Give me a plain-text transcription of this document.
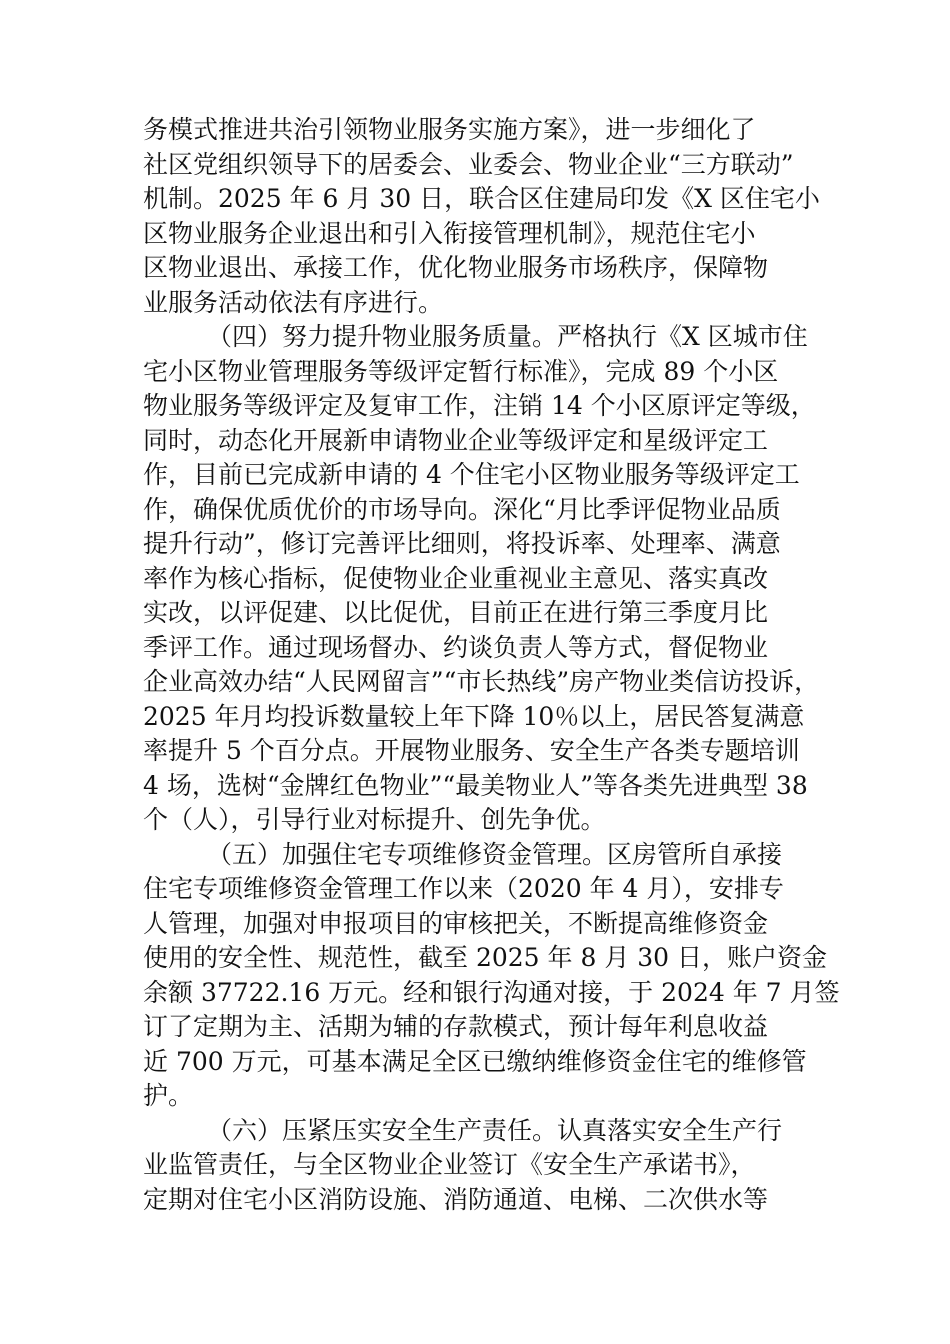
务模式推进共治引领物业服务实施方案》，进一步细化了
社区党组织领导下的居委会、业委会、物业企业“三方联动”
机制。2025 年 6 月 30 日，联合区住建局印发《X 区住宅小
区物业服务企业退出和引入衔接管理机制》，规范住宅小
区物业退出、承接工作，优化物业服务市场秩序，保障物
业服务活动依法有序进行。
（四）努力提升物业服务质量。严格执行《X 区城市住
宅小区物业管理服务等级评定暂行标准》，完成 89 个小区
物业服务等级评定及复审工作，注销 14 个小区原评定等级，
同时，动态化开展新申请物业企业等级评定和星级评定工
作，目前已完成新申请的 4 个住宅小区物业服务等级评定工
作，确保优质优价的市场导向。深化“月比季评促物业品质
提升行动”，修订完善评比细则，将投诉率、处理率、满意
率作为核心指标，促使物业企业重视业主意见、落实真改
实改，以评促建、以比促优，目前正在进行第三季度月比
季评工作。通过现场督办、约谈负责人等方式，督促物业
企业高效办结“人民网留言”“市长热线”房产物业类信访投诉，
2025 年月均投诉数量较上年下降 10％以上，居民答复满意
率提升 5 个百分点。开展物业服务、安全生产各类专题培训
4 场，选树“金牌红色物业”“最美物业人”等各类先进典型 38
个（人），引导行业对标提升、创先争优。
（五）加强住宅专项维修资金管理。区房管所自承接
住宅专项维修资金管理工作以来（2020 年 4 月），安排专
人管理，加强对申报项目的审核把关，不断提高维修资金
使用的安全性、规范性，截至 2025 年 8 月 30 日，账户资金
余额 37722.16 万元。经和银行沟通对接，于 2024 年 7 月签
订了定期为主、活期为辅的存款模式，预计每年利息收益
近 700 万元，可基本满足全区已缴纳维修资金住宅的维修管
护。
（六）压紧压实安全生产责任。认真落实安全生产行
业监管责任，与全区物业企业签订《安全生产承诺书》，
定期对住宅小区消防设施、消防通道、电梯、二次供水等
